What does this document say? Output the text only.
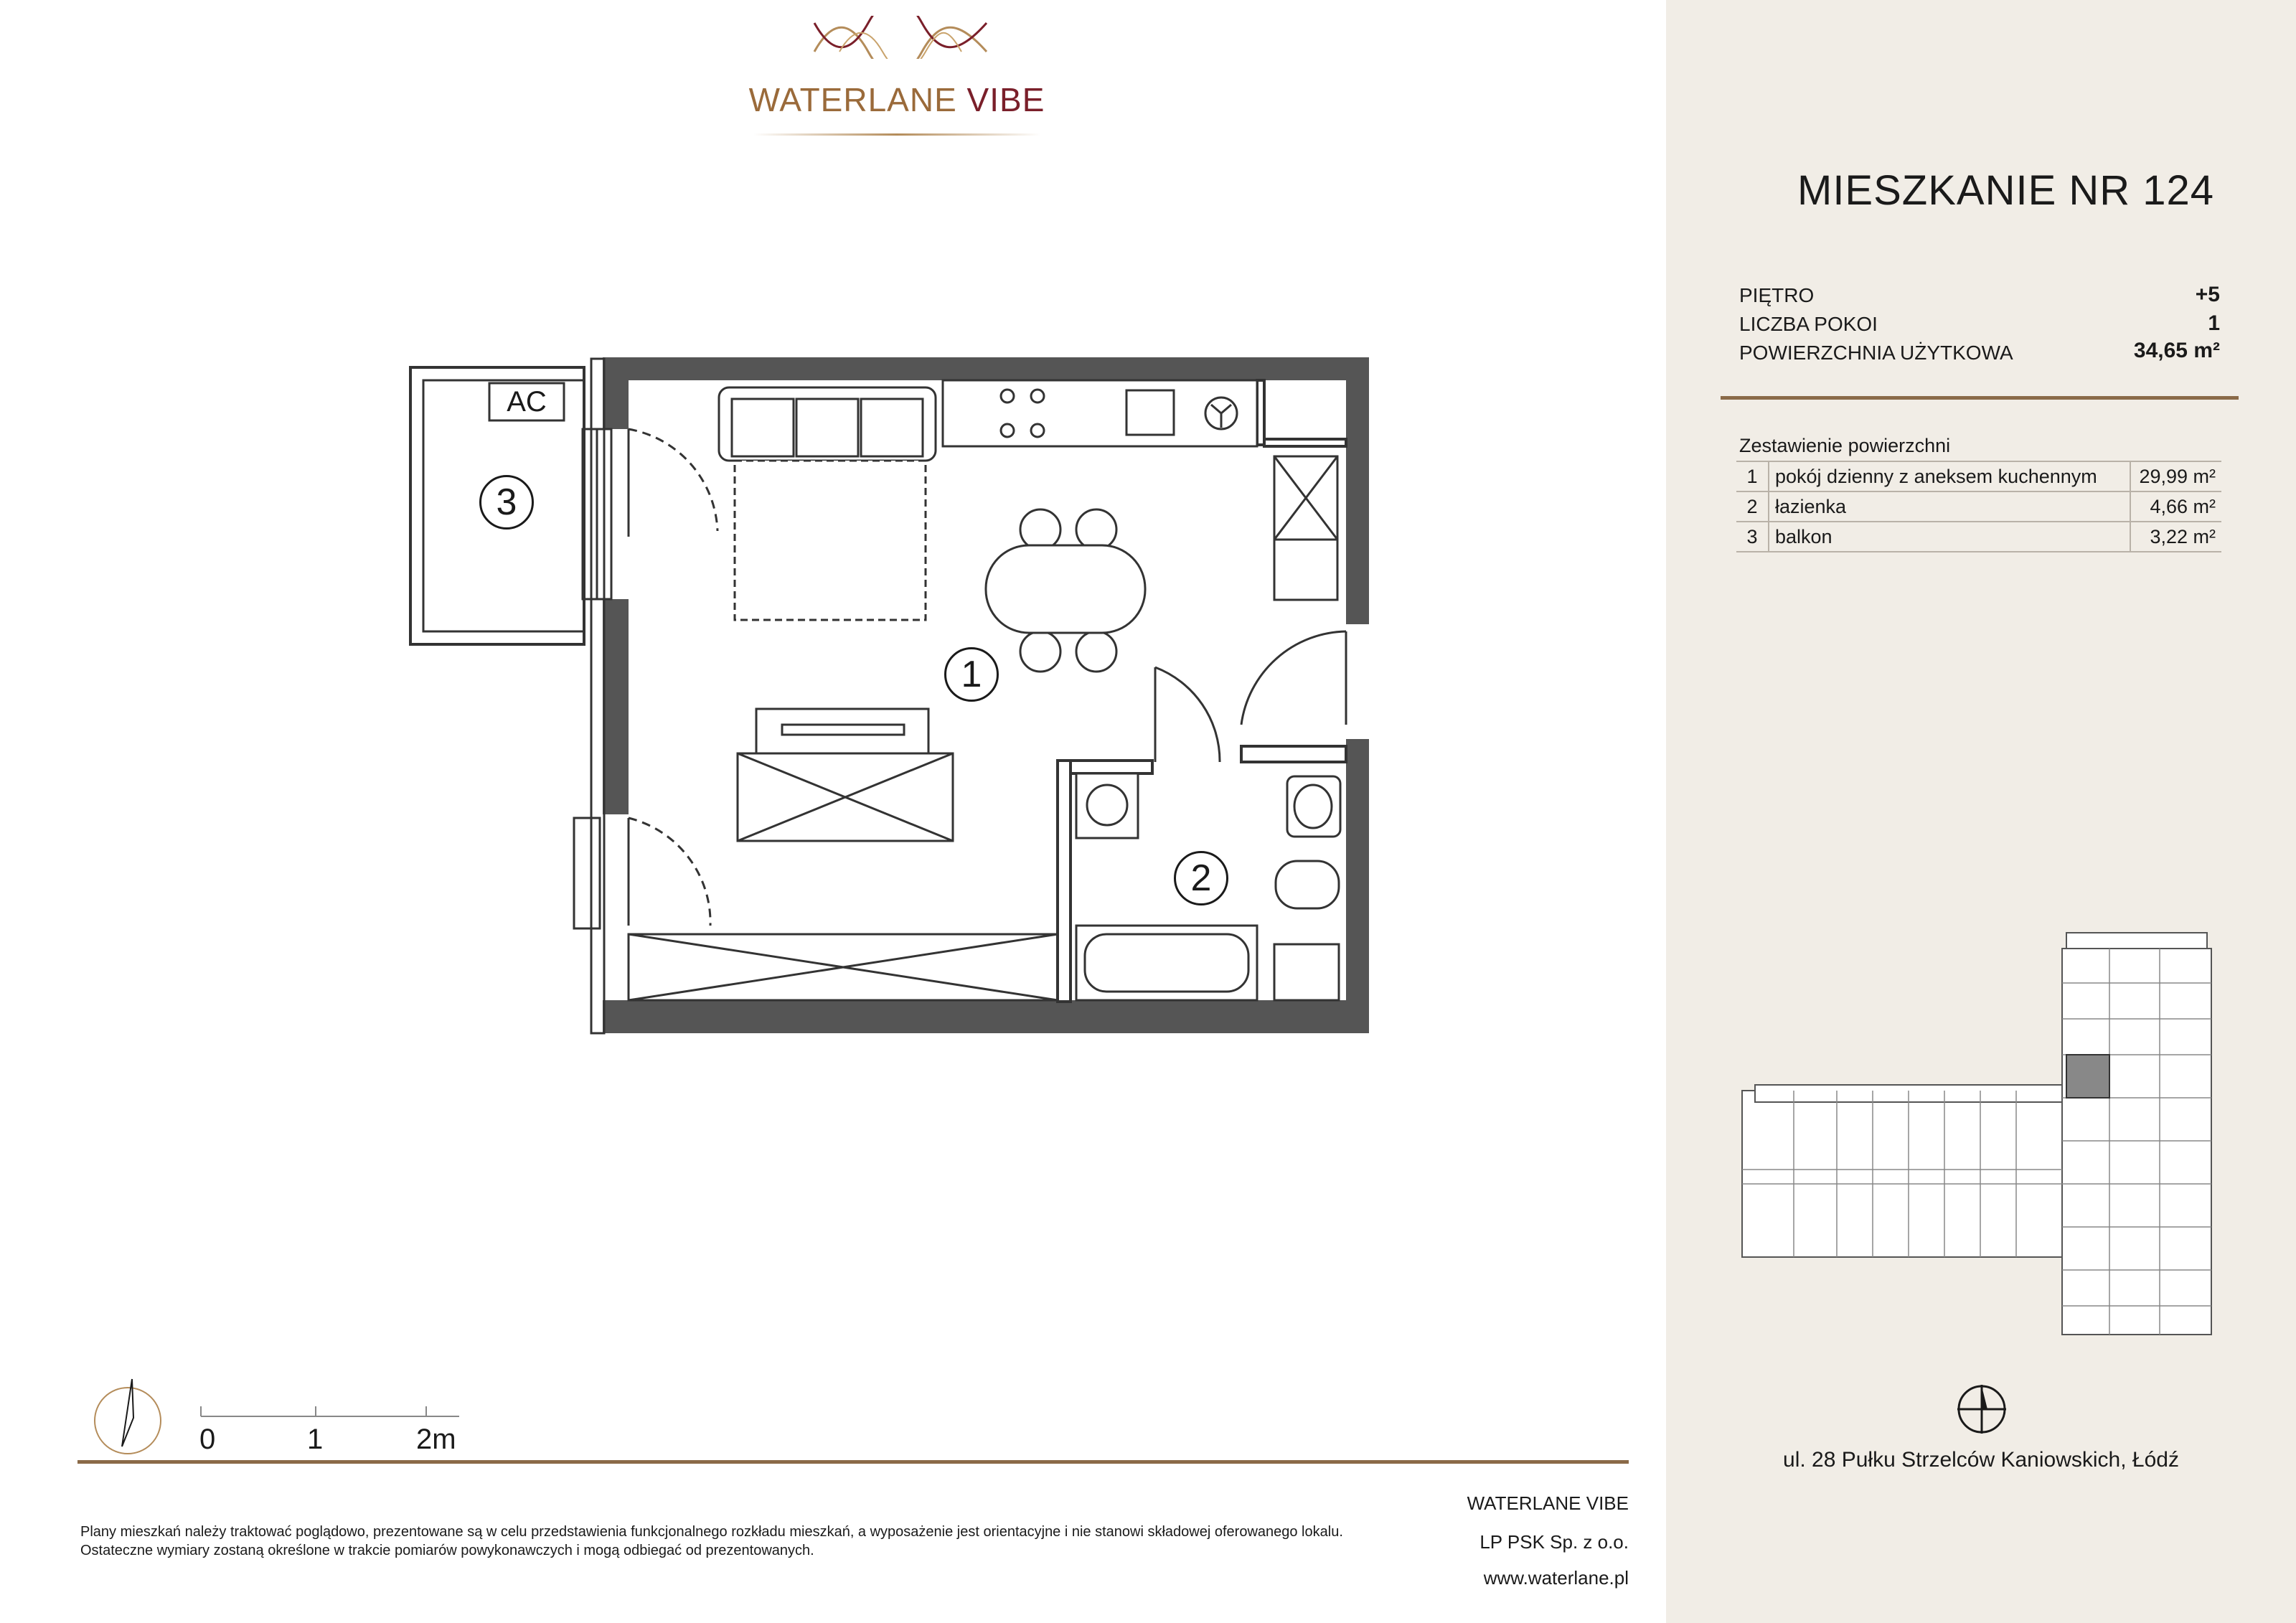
WATERLANE VIBE
3
1
2
AC
0	1	2m
Plany mieszkań należy traktować poglądowo, prezentowane są w celu przedstawienia funkcjonalnego rozkładu mieszkań, a wyposażenie jest orientacyjne i nie stanowi składowej oferowanego lokalu.
Ostateczne wymiary zostaną określone w trakcie pomiarów powykonawczych i mogą odbiegać od prezentowanych.
WATERLANE VIBE
LP PSK Sp. z o.o.
www.waterlane.pl
MIESZKANIE NR 124
PIĘTRO	+5
LICZBA POKOI	1
POWIERZCHNIA UŻYTKOWA	34,65 m²
Zestawienie powierzchni
1	pokój dzienny z aneksem kuchennym	29,99 m²
2	łazienka	4,66 m²
3	balkon	3,22 m²
ul. 28 Pułku Strzelców Kaniowskich, Łódź
